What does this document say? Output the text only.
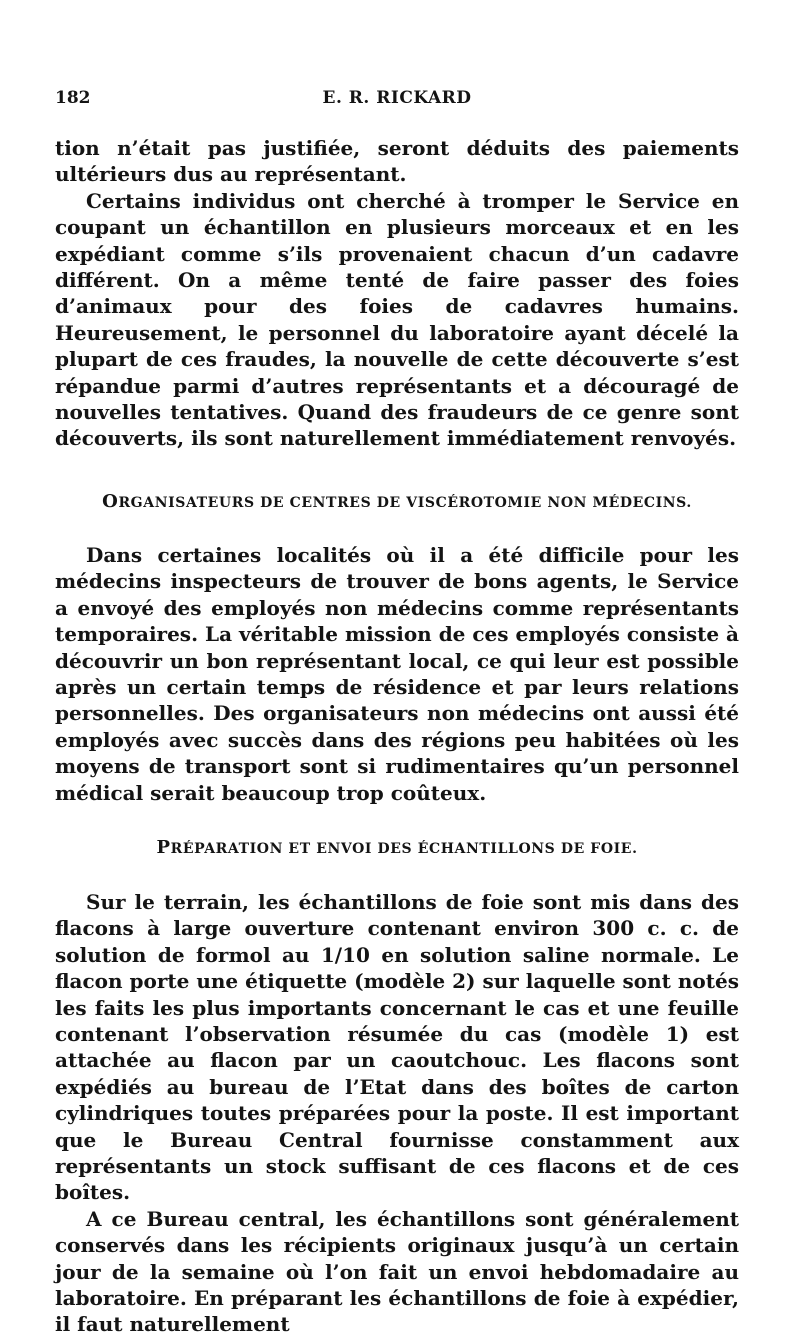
182	E. R. RICKARD

tion n’était pas justifiée, seront déduits des paiements ultérieurs dus au représentant.

Certains individus ont cherché à tromper le Service en coupant un échantillon en plusieurs morceaux et en les expédiant comme s’ils provenaient chacun d’un cadavre différent. On a même tenté de faire passer des foies d’animaux pour des foies de cadavres humains. Heureusement, le personnel du laboratoire ayant décelé la plupart de ces fraudes, la nouvelle de cette découverte s’est répandue parmi d’autres représentants et a découragé de nouvelles tentatives. Quand des fraudeurs de ce genre sont découverts, ils sont naturellement immédiatement renvoyés.

ORGANISATEURS DE CENTRES DE VISCÉROTOMIE NON MÉDECINS.

Dans certaines localités où il a été difficile pour les médecins inspecteurs de trouver de bons agents, le Service a envoyé des employés non médecins comme représentants temporaires. La véritable mission de ces employés consiste à découvrir un bon représentant local, ce qui leur est possible après un certain temps de résidence et par leurs relations personnelles. Des organisateurs non médecins ont aussi été employés avec succès dans des régions peu habitées où les moyens de transport sont si rudimentaires qu’un personnel médical serait beaucoup trop coûteux.

PRÉPARATION ET ENVOI DES ÉCHANTILLONS DE FOIE.

Sur le terrain, les échantillons de foie sont mis dans des flacons à large ouverture contenant environ 300 c. c. de solution de formol au 1/10 en solution saline normale. Le flacon porte une étiquette (modèle 2) sur laquelle sont notés les faits les plus importants concernant le cas et une feuille contenant l’observation résumée du cas (modèle 1) est attachée au flacon par un caoutchouc. Les flacons sont expédiés au bureau de l’Etat dans des boîtes de carton cylindriques toutes préparées pour la poste. Il est important que le Bureau Central fournisse constamment aux représentants un stock suffisant de ces flacons et de ces boîtes.

A ce Bureau central, les échantillons sont généralement conservés dans les récipients originaux jusqu’à un certain jour de la semaine où l’on fait un envoi hebdomadaire au laboratoire. En préparant les échantillons de foie à expédier, il faut naturellement
